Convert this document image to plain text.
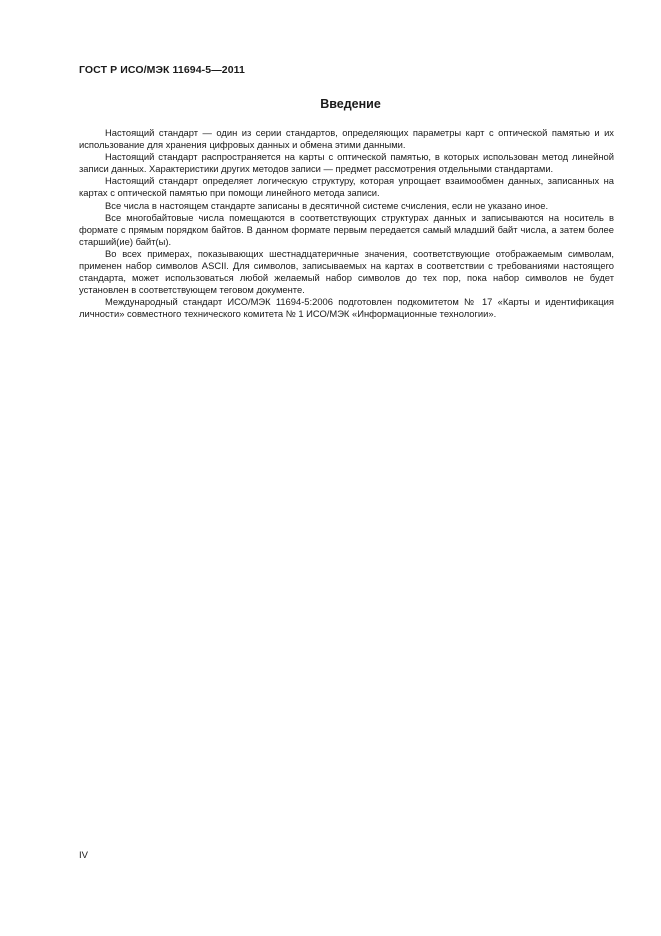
ГОСТ Р ИСО/МЭК 11694-5—2011
Введение

Настоящий стандарт — один из серии стандартов, определяющих параметры карт с оптической памятью и их использование для хранения цифровых данных и обмена этими данными.

Настоящий стандарт распространяется на карты с оптической памятью, в которых использован метод линейной записи данных. Характеристики других методов записи — предмет рассмотрения отдельными стандартами.

Настоящий стандарт определяет логическую структуру, которая упрощает взаимообмен данных, записанных на картах с оптической памятью при помощи линейного метода записи.

Все числа в настоящем стандарте записаны в десятичной системе счисления, если не указано иное.

Все многобайтовые числа помещаются в соответствующих структурах данных и записываются на носитель в формате с прямым порядком байтов. В данном формате первым передается самый младший байт числа, а затем более старший(ие) байт(ы).

Во всех примерах, показывающих шестнадцатеричные значения, соответствующие отображаемым символам, применен набор символов ASCII. Для символов, записываемых на картах в соответствии с требованиями настоящего стандарта, может использоваться любой желаемый набор символов до тех пор, пока набор символов не будет установлен в соответствующем теговом документе.

Международный стандарт ИСО/МЭК 11694-5:2006 подготовлен подкомитетом № 17 «Карты и идентификация личности» совместного технического комитета № 1 ИСО/МЭК «Информационные технологии».

IV
